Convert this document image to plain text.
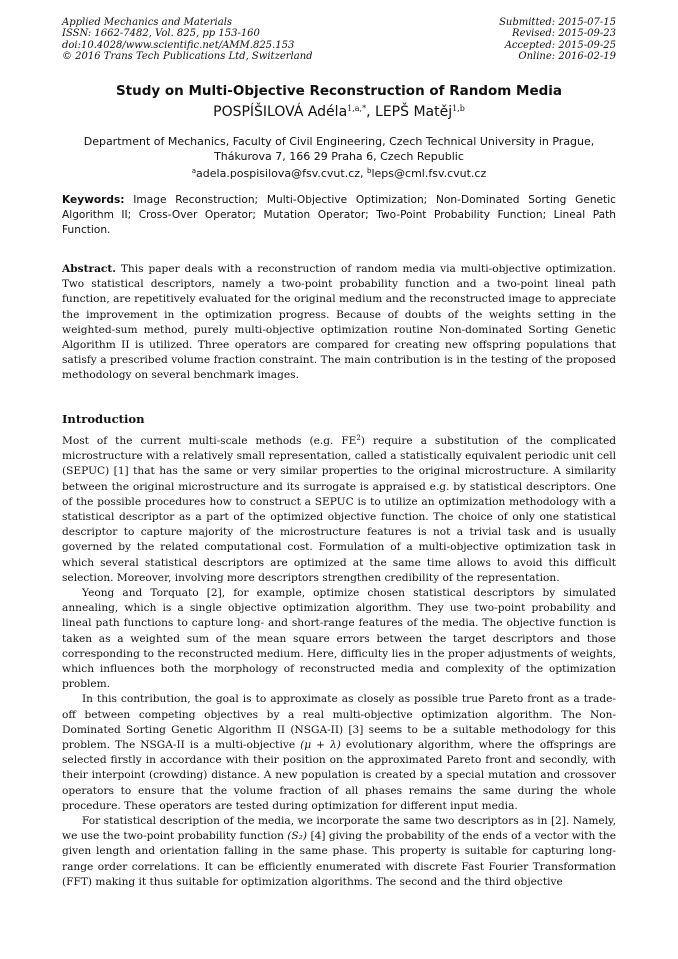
Applied Mechanics and Materials
ISSN: 1662-7482, Vol. 825, pp 153-160
doi:10.4028/www.scientific.net/AMM.825.153
© 2016 Trans Tech Publications Ltd, Switzerland
Submitted: 2015-07-15
Revised: 2015-09-23
Accepted: 2015-09-25
Online: 2016-02-19
Study on Multi-Objective Reconstruction of Random Media
POSPÍŠILOVÁ Adéla$^{1,a,*}$, LEPŠ Matěj$^{1,b}$
Department of Mechanics, Faculty of Civil Engineering, Czech Technical University in Prague,
Thákurova 7, 166 29 Praha 6, Czech Republic
$^a$adela.pospisilova@fsv.cvut.cz, $^b$leps@cml.fsv.cvut.cz
Keywords: Image Reconstruction; Multi-Objective Optimization; Non-Dominated Sorting Genetic Algorithm II; Cross-Over Operator; Mutation Operator; Two-Point Probability Function; Lineal Path Function.
Abstract. This paper deals with a reconstruction of random media via multi-objective optimization. Two statistical descriptors, namely a two-point probability function and a two-point lineal path function, are repetitively evaluated for the original medium and the reconstructed image to appreciate the improvement in the optimization progress. Because of doubts of the weights setting in the weighted-sum method, purely multi-objective optimization routine Non-dominated Sorting Genetic Algorithm II is utilized. Three operators are compared for creating new offspring populations that satisfy a prescribed volume fraction constraint. The main contribution is in the testing of the proposed methodology on several benchmark images.
Introduction

Most of the current multi-scale methods (e.g. $FE^2$) require a substitution of the complicated microstructure with a relatively small representation, called a statistically equivalent periodic unit cell (SEPUC) [1] that has the same or very similar properties to the original microstructure. A similarity between the original microstructure and its surrogate is appraised e.g. by statistical descriptors. One of the possible procedures how to construct a SEPUC is to utilize an optimization methodology with a statistical descriptor as a part of the optimized objective function. The choice of only one statistical descriptor to capture majority of the microstructure features is not a trivial task and is usually governed by the related computational cost. Formulation of a multi-objective optimization task in which several statistical descriptors are optimized at the same time allows to avoid this difficult selection. Moreover, involving more descriptors strengthen credibility of the representation.

Yeong and Torquato [2], for example, optimize chosen statistical descriptors by simulated annealing, which is a single objective optimization algorithm. They use two-point probability and lineal path functions to capture long- and short-range features of the media. The objective function is taken as a weighted sum of the mean square errors between the target descriptors and those corresponding to the reconstructed medium. Here, difficulty lies in the proper adjustments of weights, which influences both the morphology of reconstructed media and complexity of the optimization problem.

In this contribution, the goal is to approximate as closely as possible true Pareto front as a trade-off between competing objectives by a real multi-objective optimization algorithm. The Non-Dominated Sorting Genetic Algorithm II (NSGA-II) [3] seems to be a suitable methodology for this problem. The NSGA-II is a multi-objective (μ + λ) evolutionary algorithm, where the offsprings are selected firstly in accordance with their position on the approximated Pareto front and secondly, with their interpoint (crowding) distance. A new population is created by a special mutation and crossover operators to ensure that the volume fraction of all phases remains the same during the whole procedure. These operators are tested during optimization for different input media.

For statistical description of the media, we incorporate the same two descriptors as in [2]. Namely, we use the two-point probability function (S₂) [4] giving the probability of the ends of a vector with the given length and orientation falling in the same phase. This property is suitable for capturing long-range order correlations. It can be efficiently enumerated with discrete Fast Fourier Transformation (FFT) making it thus suitable for optimization algorithms. The second and the third objective
